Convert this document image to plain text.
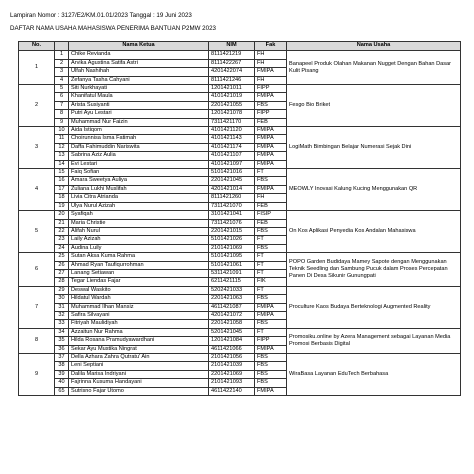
Lampiran Nomor : 3127/E2/KM.01.01/2023 Tanggal : 19 Juni 2023
DAFTAR NAMA USAHA MAHASISWA PENERIMA BANTUAN P2MW 2023
No.		Nama Ketua	NIM	Fak	Nama Usaha
1	1	Chike Revianda	8111421219	FH	Banapeel Produk Olahan Makanan Nugget Dengan Bahan Dasar Kulit Pisang
	2	Arvika Agustina Satifa Astri	8111422267	FH	
	3	Ulfah Nashihah	4201422074	FMIPA	
	4	Zefanya Tasha Cahyani	8111421246	FH	
2	5	Siti Nurkhayati	1201421011	FIPP	Fesgo Bio Briket
	6	Khanifatul Maula	4101421019	FMIPA	
	7	Arista Susiyanti	2201421055	FBS	
	8	Putri Ayu Lestari	1201421078	FIPP	
	9	Muhammad Nur Faizin	7311421170	FEB	
3	10	Aida Istiqom	4101421120	FMIPA	LogiMath Bimbingan Belajar Numerasi Sejak Dini
	11	Choirunnisa Isma Fatimah	4101421143	FMIPA	
	12	Daffa Fahimuddin Nariswita	4101421174	FMIPA	
	13	Sabrina Aziz Aulia	4101421107	FMIPA	
	14	Evi Lestari	4101421097	FMIPA	
4	15	Faiq Sofian	5101421016	FT	MEOWLY Inovasi Kalung Kucing Menggunakan QR
	16	Amara Sweetya Auliya	2201421045	FBS	
	17	Zuliana Lukhi Muslifah	4201421014	FMIPA	
	18	Livia Citra Atrianda	8111421260	FH	
	19	Ulya Nurul Azizah	7311421070	FEB	
5	20	Syafiqah	3101421041	FISIP	On Kos Aplikasi Penyedia Kos Andalan Mahasiswa
	21	Maria Christie	7311421076	FEB	
	22	Alifah Nurul	2201421015	FBS	
	23	Laily Azizah	5101421026	FT	
	24	Audina Luily	2101421069	FBS	
6	25	Sutan Aksa Kuma Rahma	5101421095	FT	POPO Garden Budidaya Mamey Sapote dengan Menggunakan Teknik Seedling dan Sambung Pucuk dalam Proses Percepatan Panen Di Desa Sikunir Gunungpati
	26	Ahmad Ryan Taufiqurrohman	5101421061	FT	
	27	Lanang Setiawan	5311421091	FT	
	28	Tegar Liendas Fajar	6211421115	FIK	
7	29	Deswal Waskito	5202421033	FT	Proculture Kaos Budaya Berteknologi Augmented Reality
	30	Hildatul Wardah	2201421063	FBS	
	31	Muhammad Ilhan Mansiz	4611421087	FMIPA	
	32	Safira Silvayani	4201421072	FMIPA	
	33	Fitriyah Maulidiyah	2201421058	FBS	
8	34	Azzaitun Nur Rahma	5201421045	FT	Promosiku.online by Azera Management sebagai Layanan Media Promosi Berbasis Digital
	35	Hilda Rosana Pramudyawardhani	1201421084	FIPP	
	36	Sekar Ayu Mustika Ningrat	4611421066	FMIPA	
9	37	Della Azhara Zahra Qutratu' Ain	2101421056	FBS	WiraBasa Layanan EduTech Berbahasa
	38	Leni Septiani	2101421039	FBS	
	39	Dalila Marisa Indriyani	2201421069	FBS	
	40	Fajrinna Kusuma Handayani	2101421093	FBS	
	65	Sutrisno Fajar Utomo	4611422140	FMIPA	
